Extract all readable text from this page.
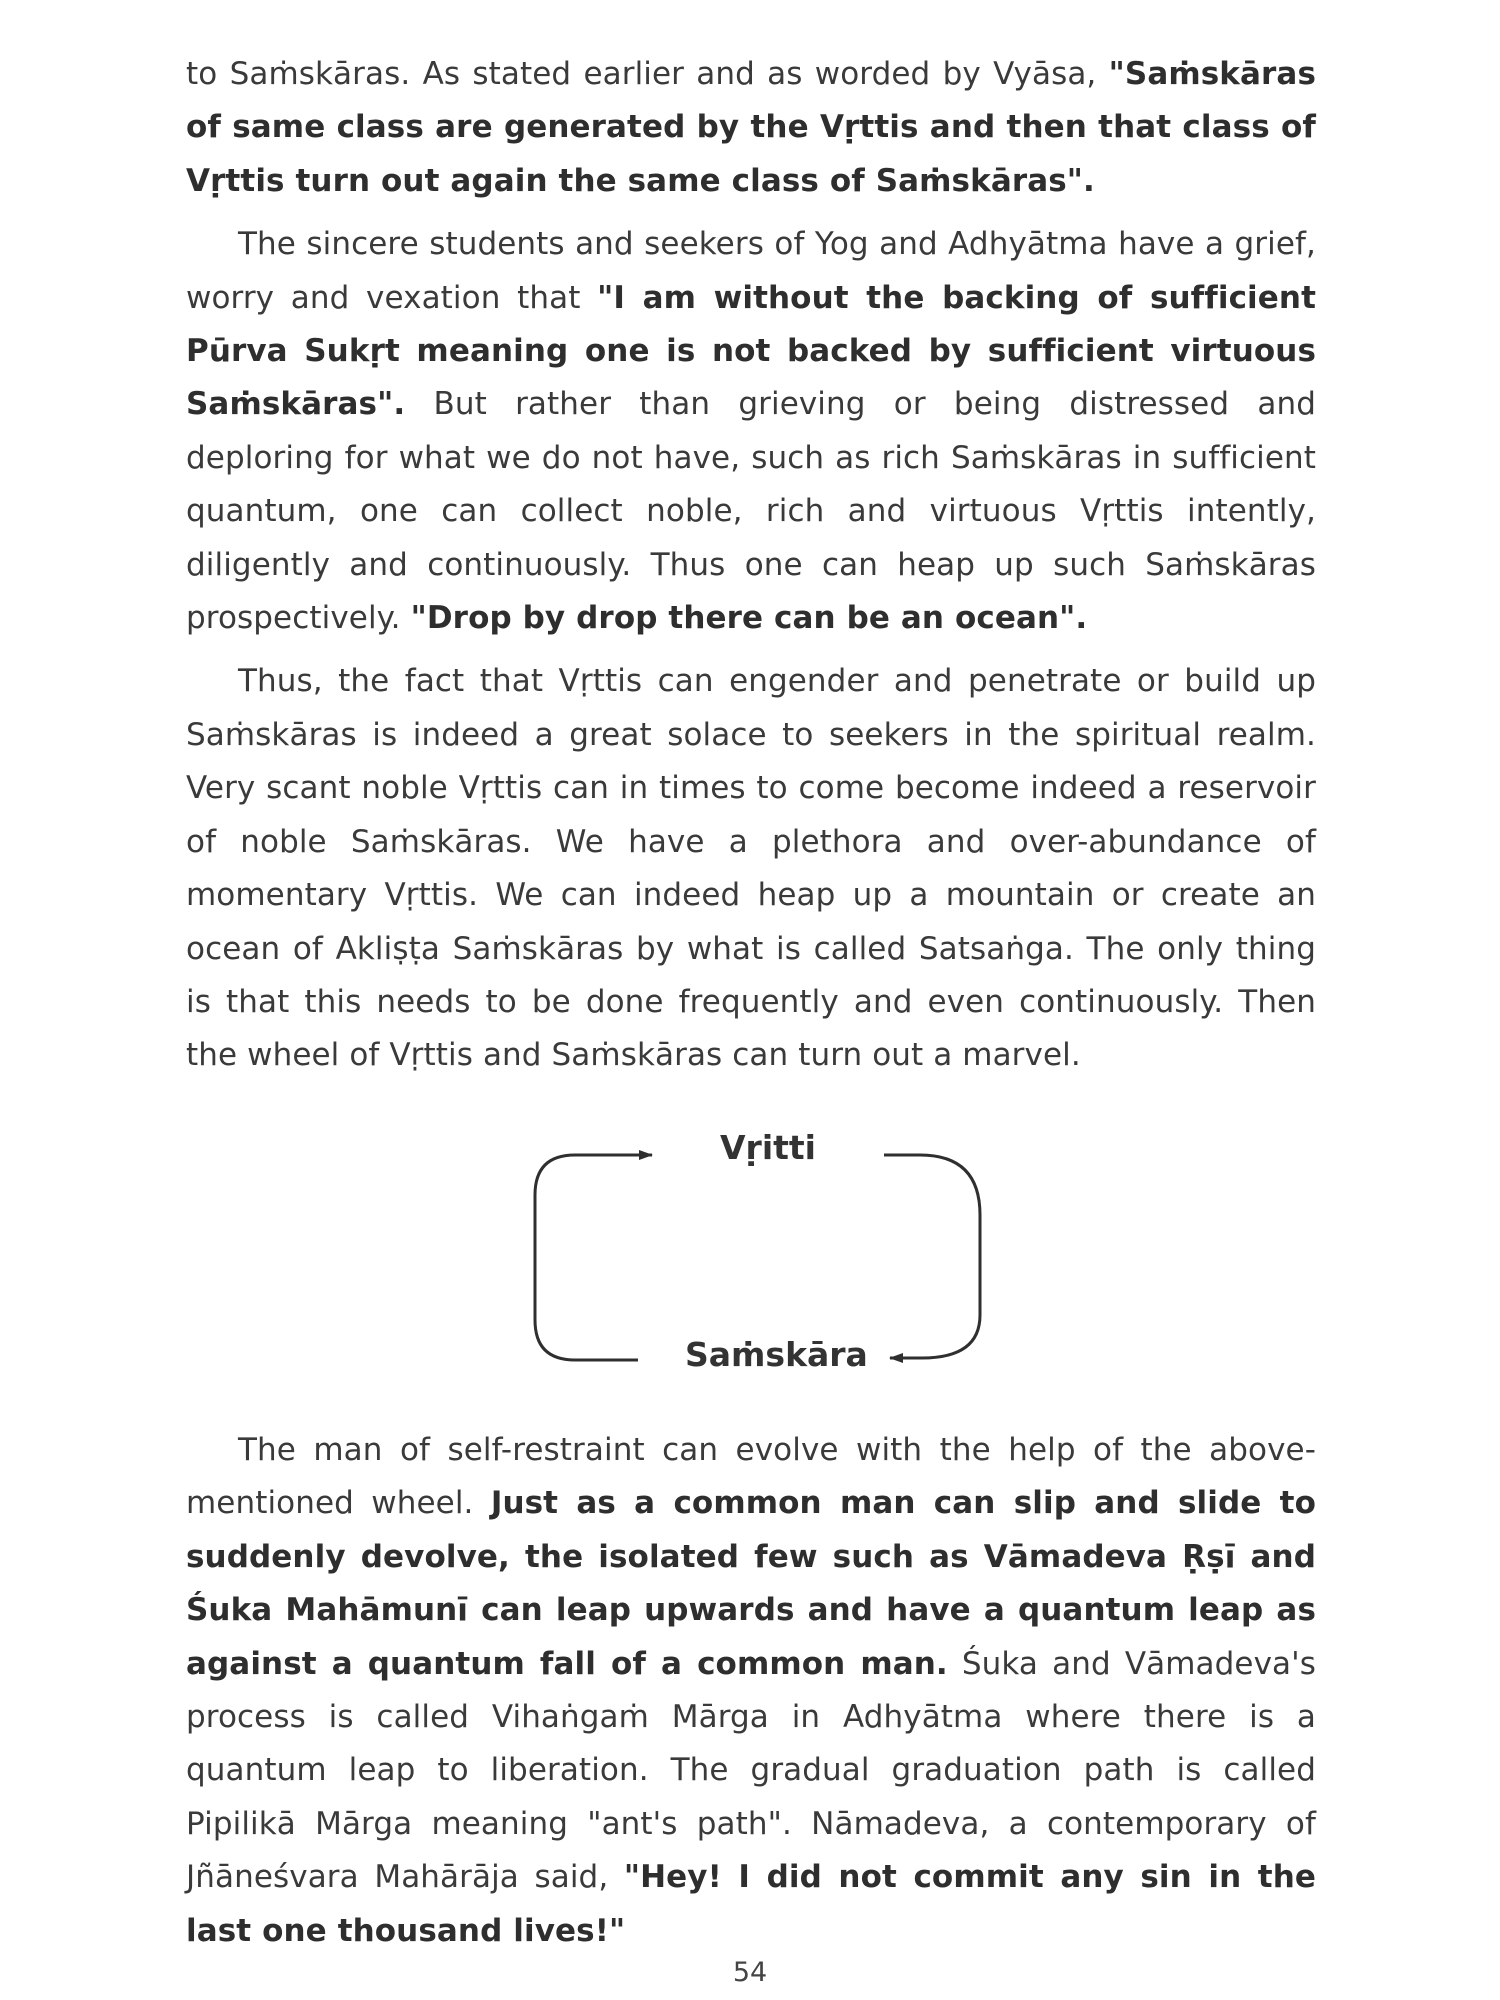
to Saṁskāras. As stated earlier and as worded by Vyāsa, "Saṁskāras of same class are generated by the Vṛttis and then that class of Vṛttis turn out again the same class of Saṁskāras".

The sincere students and seekers of Yog and Adhyātma have a grief, worry and vexation that "I am without the backing of sufficient Pūrva Sukṛt meaning one is not backed by sufficient virtuous Saṁskāras". But rather than grieving or being distressed and deploring for what we do not have, such as rich Saṁskāras in sufficient quantum, one can collect noble, rich and virtuous Vṛttis intently, diligently and continuously. Thus one can heap up such Saṁskāras prospectively. "Drop by drop there can be an ocean".

Thus, the fact that Vṛttis can engender and penetrate or build up Saṁskāras is indeed a great solace to seekers in the spiritual realm. Very scant noble Vṛttis can in times to come become indeed a reservoir of noble Saṁskāras. We have a plethora and over-abundance of momentary Vṛttis. We can indeed heap up a mountain or create an ocean of Akliṣṭa Saṁskāras by what is called Satsaṅga. The only thing is that this needs to be done frequently and even continuously. Then the wheel of Vṛttis and Saṁskāras can turn out a marvel.

Vṛitti
Saṁskāra

The man of self-restraint can evolve with the help of the above-mentioned wheel. Just as a common man can slip and slide to suddenly devolve, the isolated few such as Vāmadeva Ṛṣī and Śuka Mahāmunī can leap upwards and have a quantum leap as against a quantum fall of a common man. Śuka and Vāmadeva's process is called Vihaṅgaṁ Mārga in Adhyātma where there is a quantum leap to liberation. The gradual graduation path is called Pipilikā Mārga meaning "ant's path". Nāmadeva, a contemporary of Jñāneśvara Mahārāja said, "Hey! I did not commit any sin in the last one thousand lives!"

54
